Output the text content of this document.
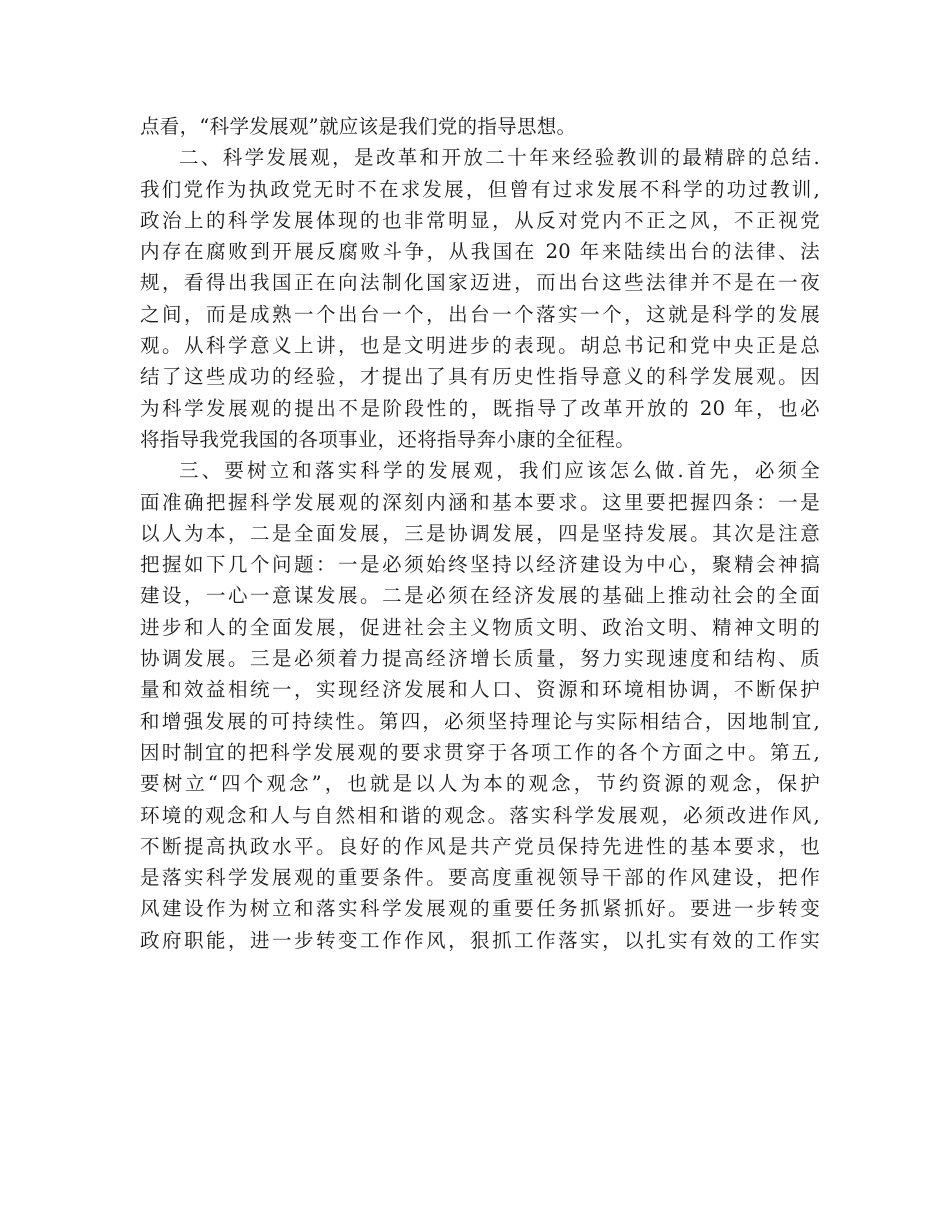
点看，“科学发展观”就应该是我们党的指导思想。
二、科学发展观，是改革和开放二十年来经验教训的最精辟的总结.
我们党作为执政党无时不在求发展，但曾有过求发展不科学的功过教训,
政治上的科学发展体现的也非常明显，从反对党内不正之风，不正视党
内存在腐败到开展反腐败斗争，从我国在 20 年来陆续出台的法律、法
规，看得出我国正在向法制化国家迈进，而出台这些法律并不是在一夜
之间，而是成熟一个出台一个，出台一个落实一个，这就是科学的发展
观。从科学意义上讲，也是文明进步的表现。胡总书记和党中央正是总
结了这些成功的经验，才提出了具有历史性指导意义的科学发展观。因
为科学发展观的提出不是阶段性的，既指导了改革开放的 20 年，也必
将指导我党我国的各项事业，还将指导奔小康的全征程。
三、要树立和落实科学的发展观，我们应该怎么做.首先，必须全
面准确把握科学发展观的深刻内涵和基本要求。这里要把握四条：一是
以人为本，二是全面发展，三是协调发展，四是坚持发展。其次是注意
把握如下几个问题：一是必须始终坚持以经济建设为中心，聚精会神搞
建设，一心一意谋发展。二是必须在经济发展的基础上推动社会的全面
进步和人的全面发展，促进社会主义物质文明、政治文明、精神文明的
协调发展。三是必须着力提高经济增长质量，努力实现速度和结构、质
量和效益相统一，实现经济发展和人口、资源和环境相协调，不断保护
和增强发展的可持续性。第四，必须坚持理论与实际相结合，因地制宜,
因时制宜的把科学发展观的要求贯穿于各项工作的各个方面之中。第五,
要树立“四个观念”，也就是以人为本的观念，节约资源的观念，保护
环境的观念和人与自然相和谐的观念。落实科学发展观，必须改进作风,
不断提高执政水平。良好的作风是共产党员保持先进性的基本要求，也
是落实科学发展观的重要条件。要高度重视领导干部的作风建设，把作
风建设作为树立和落实科学发展观的重要任务抓紧抓好。要进一步转变
政府职能，进一步转变工作作风，狠抓工作落实，以扎实有效的工作实
